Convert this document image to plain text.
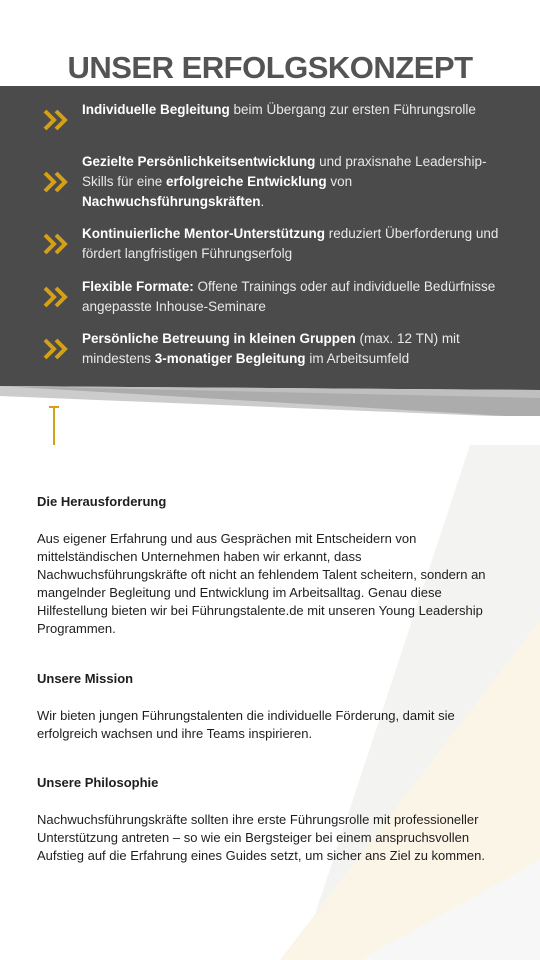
UNSER ERFOLGSKONZEPT
Individuelle Begleitung beim Übergang zur ersten Führungsrolle
Gezielte Persönlichkeitsentwicklung und praxisnahe Leadership-Skills für eine erfolgreiche Entwicklung von Nachwuchsführungskräften.
Kontinuierliche Mentor-Unterstützung reduziert Überforderung und fördert langfristigen Führungserfolg
Flexible Formate: Offene Trainings oder auf individuelle Bedürfnisse angepasste Inhouse-Seminare
Persönliche Betreuung in kleinen Gruppen (max. 12 TN) mit mindestens 3-monatiger Begleitung im Arbeitsumfeld
Die Herausforderung

Aus eigener Erfahrung und aus Gesprächen mit Entscheidern von mittelständischen Unternehmen haben wir erkannt, dass Nachwuchsführungskräfte oft nicht an fehlendem Talent scheitern, sondern an mangelnder Begleitung und Entwicklung im Arbeitsalltag. Genau diese Hilfestellung bieten wir bei Führungstalente.de mit unseren Young Leadership Programmen.

Unsere Mission

Wir bieten jungen Führungstalenten die individuelle Förderung, damit sie erfolgreich wachsen und ihre Teams inspirieren.

Unsere Philosophie

Nachwuchsführungskräfte sollten ihre erste Führungsrolle mit professioneller Unterstützung antreten – so wie ein Bergsteiger bei einem anspruchsvollen Aufstieg auf die Erfahrung eines Guides setzt, um sicher ans Ziel zu kommen.
